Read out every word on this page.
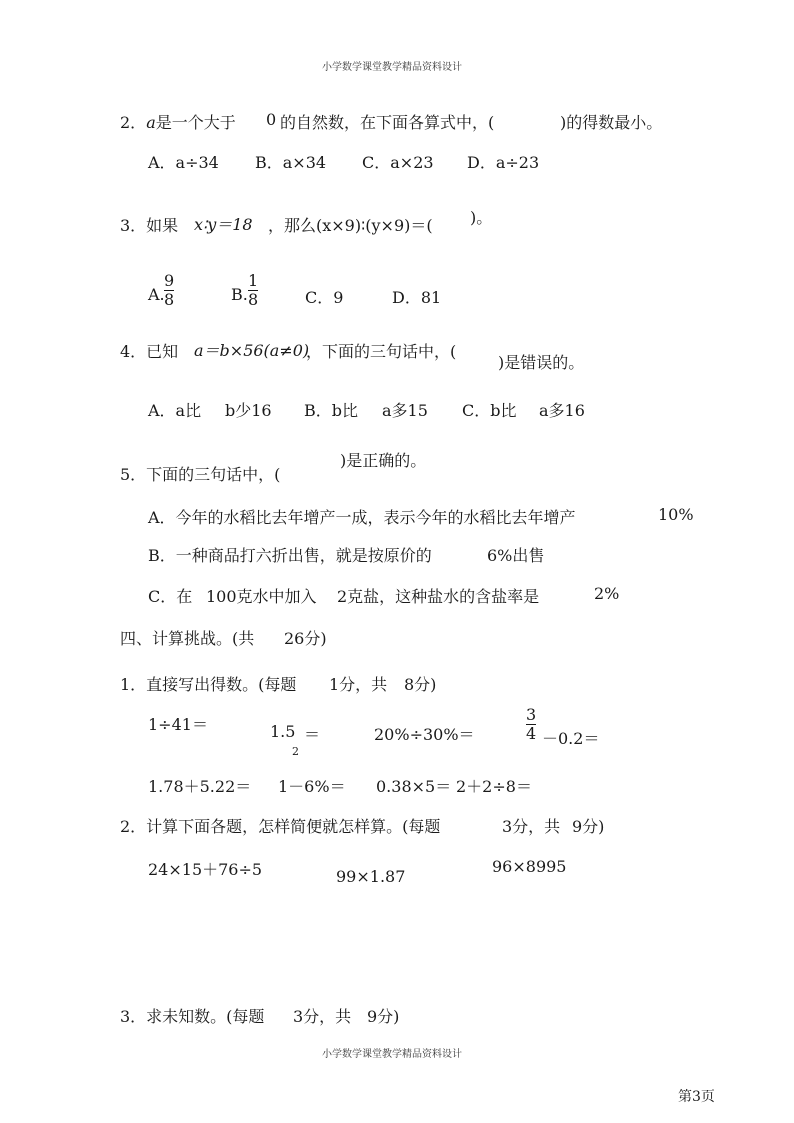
小学数学课堂教学精品资料设计
2．a是一个大于 0 的自然数，在下面各算式中，(	)的得数最小。
A．a÷34 B．a×34 C．a×23 D．a÷23
3．如果 x∶y＝18 ，那么(x×9)∶(y×9)＝( )。
A. $\frac{9}{8}$	B. $\frac{1}{8}$	C．9	D．81
4．已知 a＝b×56(a≠0)
，下面的三句话中，(
)是错误的。
A．a比 b少16 B．b比 a多15 C．b比 a多16
)是正确的。
5．下面的三句话中，(
A．今年的水稻比去年增产一成，表示今年的水稻比去年增产	10%
B．一种商品打六折出售，就是按原价的	6%出售
C．在 100克水中加入 2克盐，这种盐水的含盐率是	2%
四、计算挑战。(共 26分)
1．直接写出得数。(每题 1分，共 8分)
1÷41＝	1.5 ＝
2
20%÷30%＝	$\frac{3}{4} -0.2=$
1.78＋5.22＝ 1－6%＝ 0.38×5＝ 2＋2÷8＝
2．计算下面各题，怎样简便就怎样算。(每题	3分，共 9分)
24×15＋76÷5	99×1.87
96×8995
3．求未知数。(每题 3分，共 9分)
小学数学课堂教学精品资料设计
第3页
